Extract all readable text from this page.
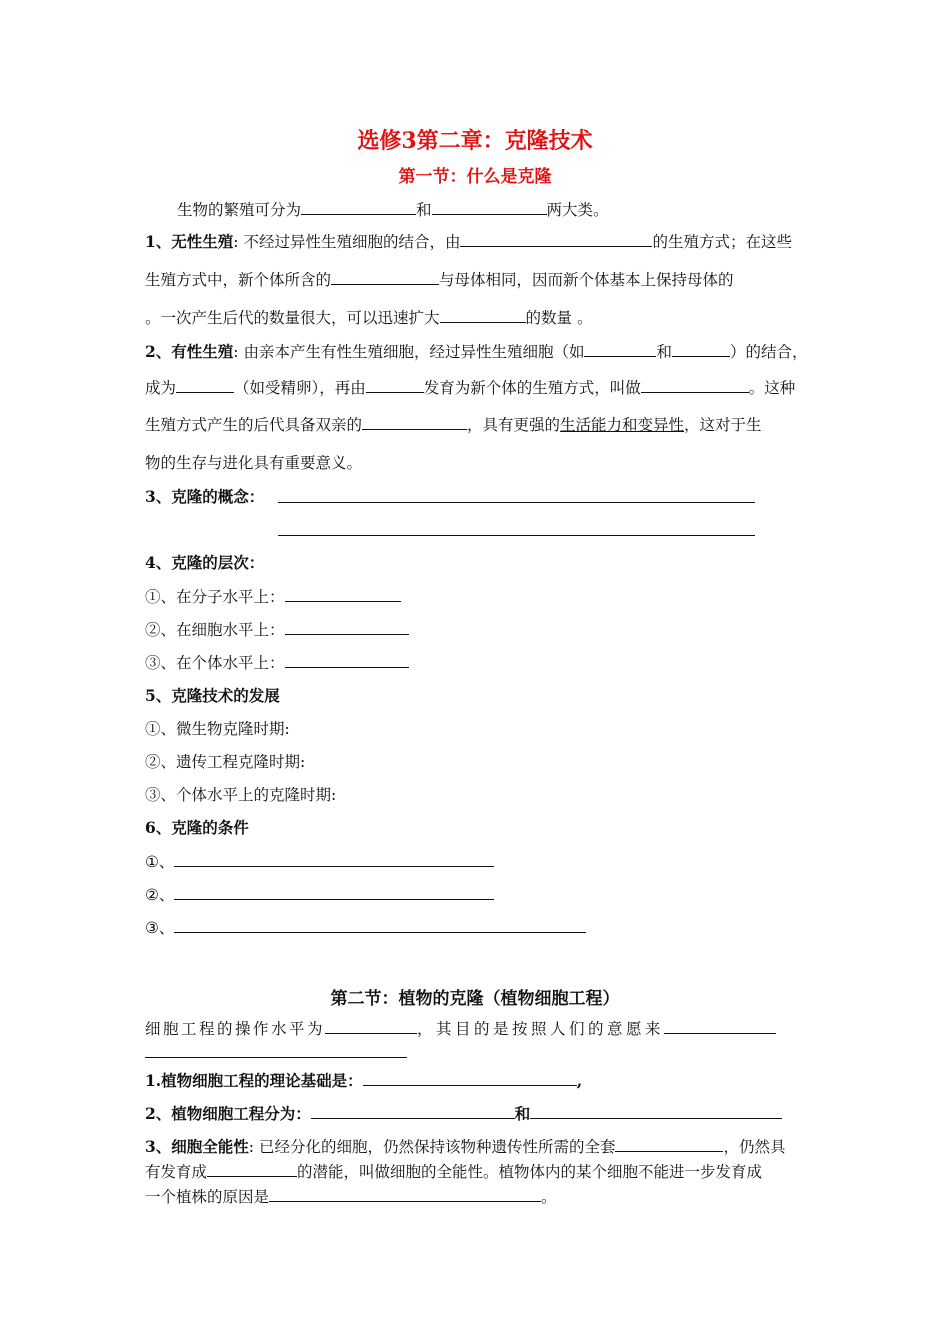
选修3第二章：克隆技术
第一节：什么是克隆
生物的繁殖可分为	和	两大类。
1、无性生殖: 不经过异性生殖细胞的结合，由	的生殖方式；在这些
生殖方式中，新个体所含的	与母体相同，因而新个体基本上保持母体的
。一次产生后代的数量很大，可以迅速扩大	的数量 。
2、有性生殖: 由亲本产生有性生殖细胞，经过异性生殖细胞（如	和	）的结合，
成为	（如受精卵），再由	发育为新个体的生殖方式，叫做	。这种
生殖方式产生的后代具备双亲的	，具有更强的生活能力和变异性，这对于生
物的生存与进化具有重要意义。
3、克隆的概念：
4、克隆的层次：
①、在分子水平上：
②、在细胞水平上：
③、在个体水平上：
5、克隆技术的发展
①、微生物克隆时期:
②、遗传工程克隆时期:
③、个体水平上的克隆时期:
6、克隆的条件
①、
②、
③、
第二节：植物的克隆（植物细胞工程）
细胞工程的操作水平为	，其目的是按照人们的意愿来
1.植物细胞工程的理论基础是：	,
2、植物细胞工程分为：	和
3、细胞全能性: 已经分化的细胞，仍然保持该物种遗传性所需的全套	，仍然具
有发育成	的潜能，叫做细胞的全能性。植物体内的某个细胞不能进一步发育成
一个植株的原因是	。
